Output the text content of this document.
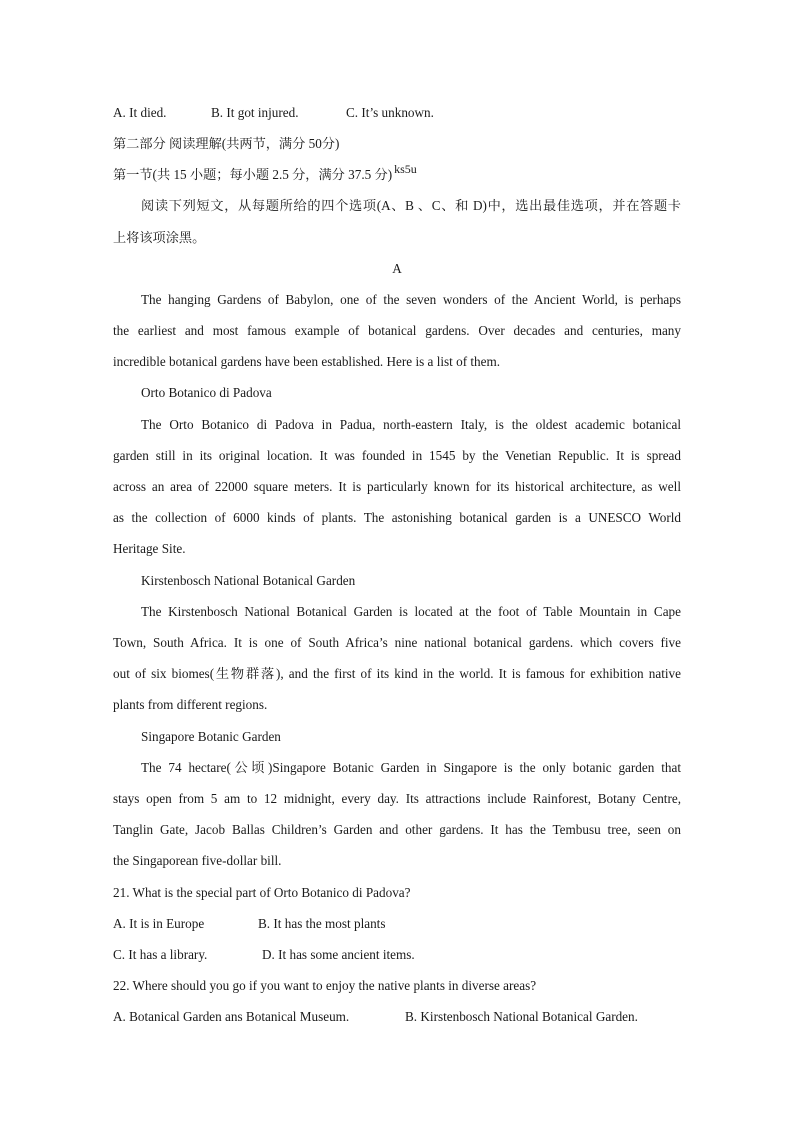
A. It died.	B. It got injured.	C. It’s unknown.
第二部分 阅读理解(共两节，满分 50分)
第一节(共 15 小题；每小题 2.5 分，满分 37.5 分) ks5u
阅读下列短文，从每题所给的四个选项(A、B 、C、和 D)中，选出最佳选项，并在答题卡
上将该项涂黑。
A
The hanging Gardens of Babylon, one of the seven wonders of the Ancient World, is perhaps
the earliest and most famous example of botanical gardens. Over decades and centuries, many
incredible botanical gardens have been established. Here is a list of them.
Orto Botanico di Padova
The Orto Botanico di Padova in Padua, north-eastern Italy, is the oldest academic botanical
garden still in its original location. It was founded in 1545 by the Venetian Republic. It is spread
across an area of 22000 square meters. It is particularly known for its historical architecture, as well
as the collection of 6000 kinds of plants. The astonishing botanical garden is a UNESCO World
Heritage Site.
Kirstenbosch National Botanical Garden
The Kirstenbosch National Botanical Garden is located at the foot of Table Mountain in Cape
Town, South Africa. It is one of South Africa’s nine national botanical gardens. which covers five
out of six biomes(生物群落), and the first of its kind in the world. It is famous for exhibition native
plants from different regions.
Singapore Botanic Garden
The 74 hectare(公顷)Singapore Botanic Garden in Singapore is the only botanic garden that
stays open from 5 am to 12 midnight, every day. Its attractions include Rainforest, Botany Centre,
Tanglin Gate, Jacob Ballas Children’s Garden and other gardens. It has the Tembusu tree, seen on
the Singaporean five-dollar bill.
21. What is the special part of Orto Botanico di Padova?
A. It is in Europe	B. It has the most plants
C. It has a library.	D. It has some ancient items.
22. Where should you go if you want to enjoy the native plants in diverse areas?
A. Botanical Garden ans Botanical Museum.	B. Kirstenbosch National Botanical Garden.
